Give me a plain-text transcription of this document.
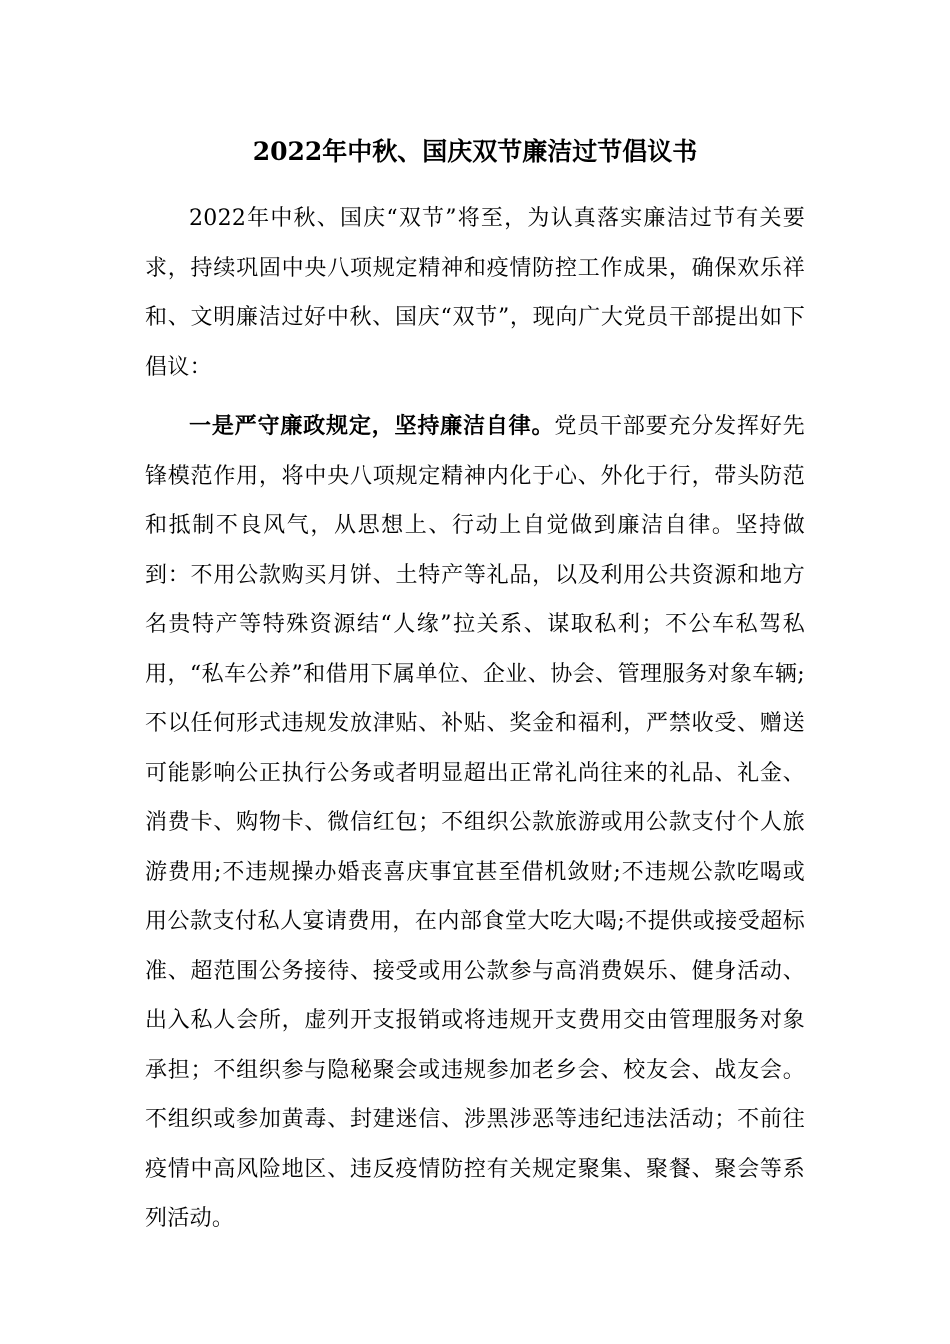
2022年中秋、国庆双节廉洁过节倡议书

2022年中秋、国庆“双节”将至，为认真落实廉洁过节有关要求，持续巩固中央八项规定精神和疫情防控工作成果，确保欢乐祥和、文明廉洁过好中秋、国庆“双节”，现向广大党员干部提出如下倡议：

一是严守廉政规定，坚持廉洁自律。党员干部要充分发挥好先锋模范作用，将中央八项规定精神内化于心、外化于行，带头防范和抵制不良风气，从思想上、行动上自觉做到廉洁自律。坚持做到：不用公款购买月饼、土特产等礼品，以及利用公共资源和地方名贵特产等特殊资源结“人缘”拉关系、谋取私利；不公车私驾私用，“私车公养”和借用下属单位、企业、协会、管理服务对象车辆;不以任何形式违规发放津贴、补贴、奖金和福利，严禁收受、赠送可能影响公正执行公务或者明显超出正常礼尚往来的礼品、礼金、消费卡、购物卡、微信红包；不组织公款旅游或用公款支付个人旅游费用;不违规操办婚丧喜庆事宜甚至借机敛财;不违规公款吃喝或用公款支付私人宴请费用，在内部食堂大吃大喝;不提供或接受超标准、超范围公务接待、接受或用公款参与高消费娱乐、健身活动、出入私人会所，虚列开支报销或将违规开支费用交由管理服务对象承担；不组织参与隐秘聚会或违规参加老乡会、校友会、战友会。不组织或参加黄毒、封建迷信、涉黑涉恶等违纪违法活动；不前往疫情中高风险地区、违反疫情防控有关规定聚集、聚餐、聚会等系列活动。
